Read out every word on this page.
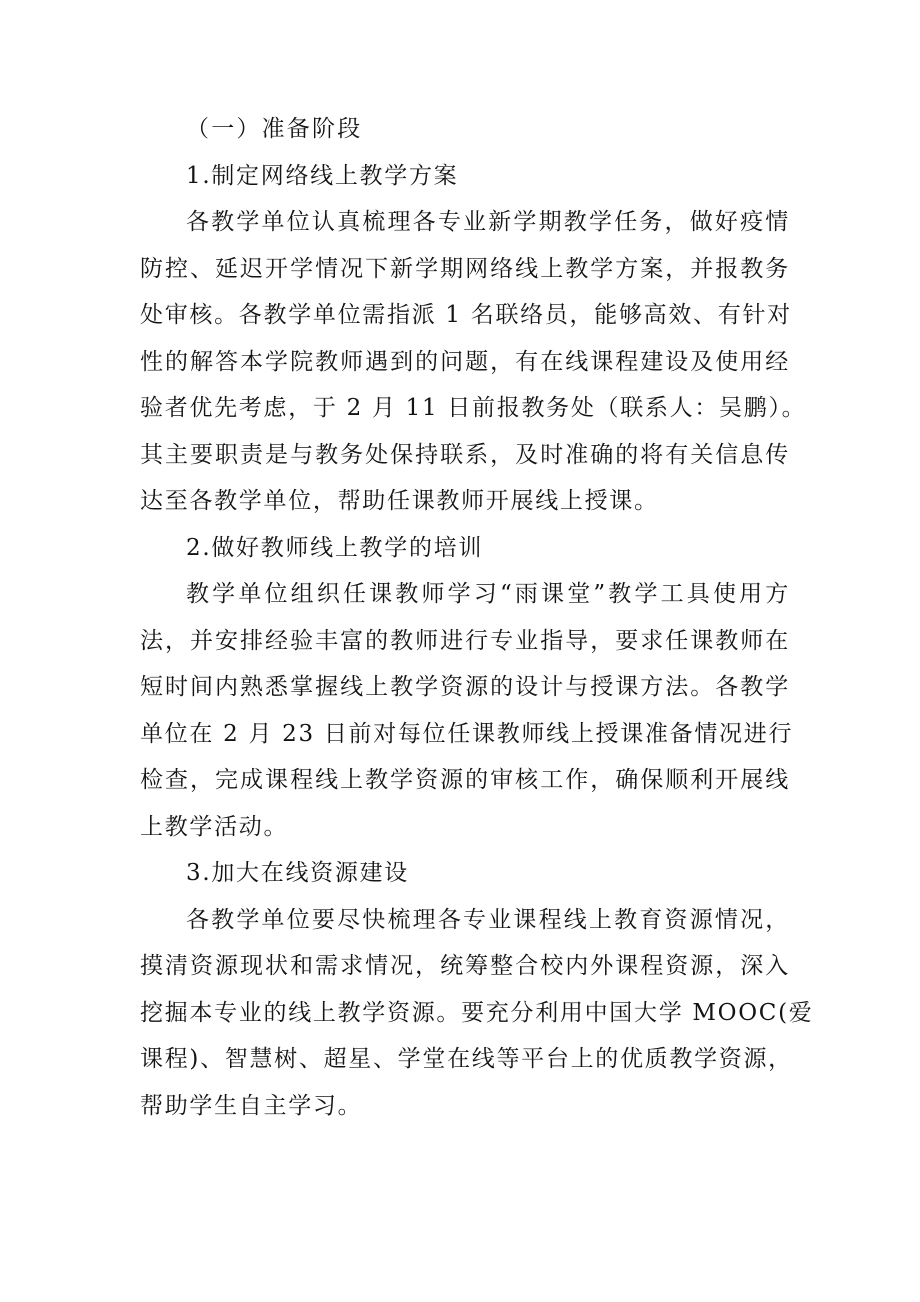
（一）准备阶段
1.制定网络线上教学方案
各教学单位认真梳理各专业新学期教学任务，做好疫情
防控、延迟开学情况下新学期网络线上教学方案，并报教务
处审核。各教学单位需指派 1 名联络员，能够高效、有针对
性的解答本学院教师遇到的问题，有在线课程建设及使用经
验者优先考虑，于 2 月 11 日前报教务处（联系人：吴鹏）。
其主要职责是与教务处保持联系，及时准确的将有关信息传
达至各教学单位，帮助任课教师开展线上授课。
2.做好教师线上教学的培训
教学单位组织任课教师学习“雨课堂”教学工具使用方
法，并安排经验丰富的教师进行专业指导，要求任课教师在
短时间内熟悉掌握线上教学资源的设计与授课方法。各教学
单位在 2 月 23 日前对每位任课教师线上授课准备情况进行
检查，完成课程线上教学资源的审核工作，确保顺利开展线
上教学活动。
3.加大在线资源建设
各教学单位要尽快梳理各专业课程线上教育资源情况，
摸清资源现状和需求情况，统筹整合校内外课程资源，深入
挖掘本专业的线上教学资源。要充分利用中国大学 MOOC(爱
课程)、智慧树、超星、学堂在线等平台上的优质教学资源，
帮助学生自主学习。
